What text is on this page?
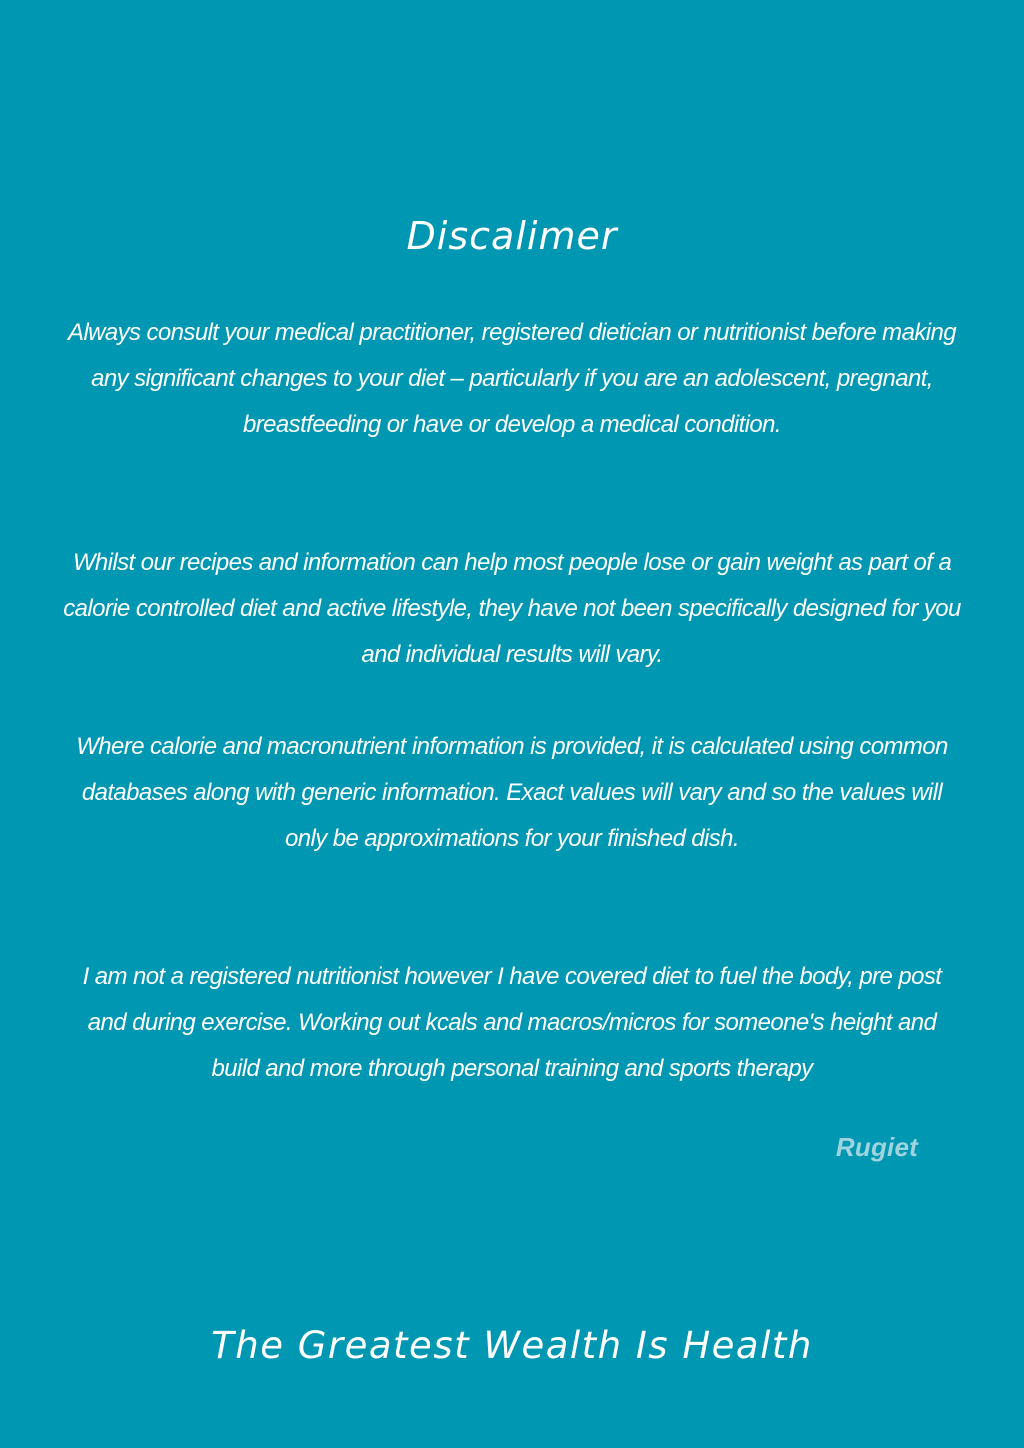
Discalimer

Always consult your medical practitioner, registered dietician or nutritionist before making any significant changes to your diet – particularly if you are an adolescent, pregnant, breastfeeding or have or develop a medical condition.

Whilst our recipes and information can help most people lose or gain weight as part of a calorie controlled diet and active lifestyle, they have not been specifically designed for you and individual results will vary.

Where calorie and macronutrient information is provided, it is calculated using common databases along with generic information. Exact values will vary and so the values will only be approximations for your finished dish.

I am not a registered nutritionist however I have covered diet to fuel the body, pre post and during exercise. Working out kcals and macros/micros for someone's height and build and more through personal training and sports therapy

Rugiet
The Greatest Wealth Is Health
